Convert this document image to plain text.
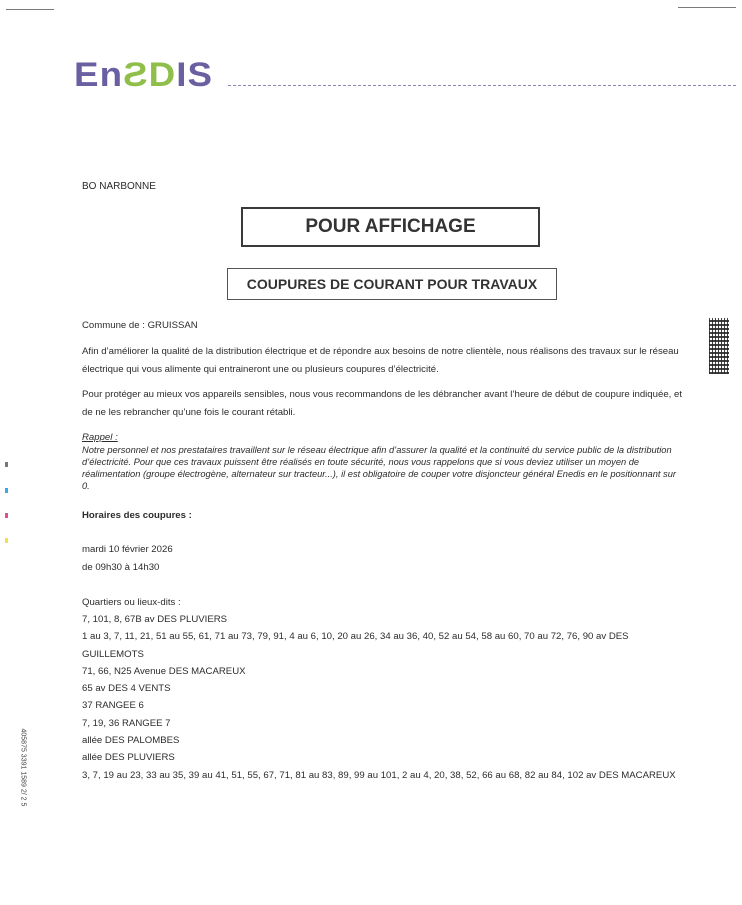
EnƧDIS
BO NARBONNE
POUR AFFICHAGE
COUPURES DE COURANT POUR TRAVAUX
Commune de : GRUISSAN
Afin d’améliorer la qualité de la distribution électrique et de répondre aux besoins de notre clientèle, nous réalisons des travaux sur le réseau électrique qui vous alimente qui entraineront une ou plusieurs coupures d’électricité.
Pour protéger au mieux vos appareils sensibles, nous vous recommandons de les débrancher avant l’heure de début de coupure indiquée, et de ne les rebrancher qu’une fois le courant rétabli.
Rappel :
Notre personnel et nos prestataires travaillent sur le réseau électrique afin d’assurer la qualité et la continuité du service public de la distribution d’électricité. Pour que ces travaux puissent être réalisés en toute sécurité, nous vous rappelons que si vous deviez utiliser un moyen de réalimentation (groupe électrogène, alternateur sur tracteur...), il est obligatoire de couper votre disjoncteur général Enedis en le positionnant sur 0.
Horaires des coupures :
mardi 10 février 2026
de 09h30 à 14h30
Quartiers ou lieux-dits :
7, 101, 8, 67B av DES PLUVIERS
1 au 3, 7, 11, 21, 51 au 55, 61, 71 au 73, 79, 91, 4 au 6, 10, 20 au 26, 34 au 36, 40, 52 au 54, 58 au 60, 70 au 72, 76, 90 av DES GUILLEMOTS
71, 66, N25 Avenue DES MACAREUX
65 av DES 4 VENTS
37 RANGEE 6
7, 19, 36 RANGEE 7
allée DES PALOMBES
allée DES PLUVIERS
3, 7, 19 au 23, 33 au 35, 39 au 41, 51, 55, 67, 71, 81 au 83, 89, 99 au 101, 2 au 4, 20, 38, 52, 66 au 68, 82 au 84, 102 av DES MACAREUX
405875 3391 1589 2/ 2 5
